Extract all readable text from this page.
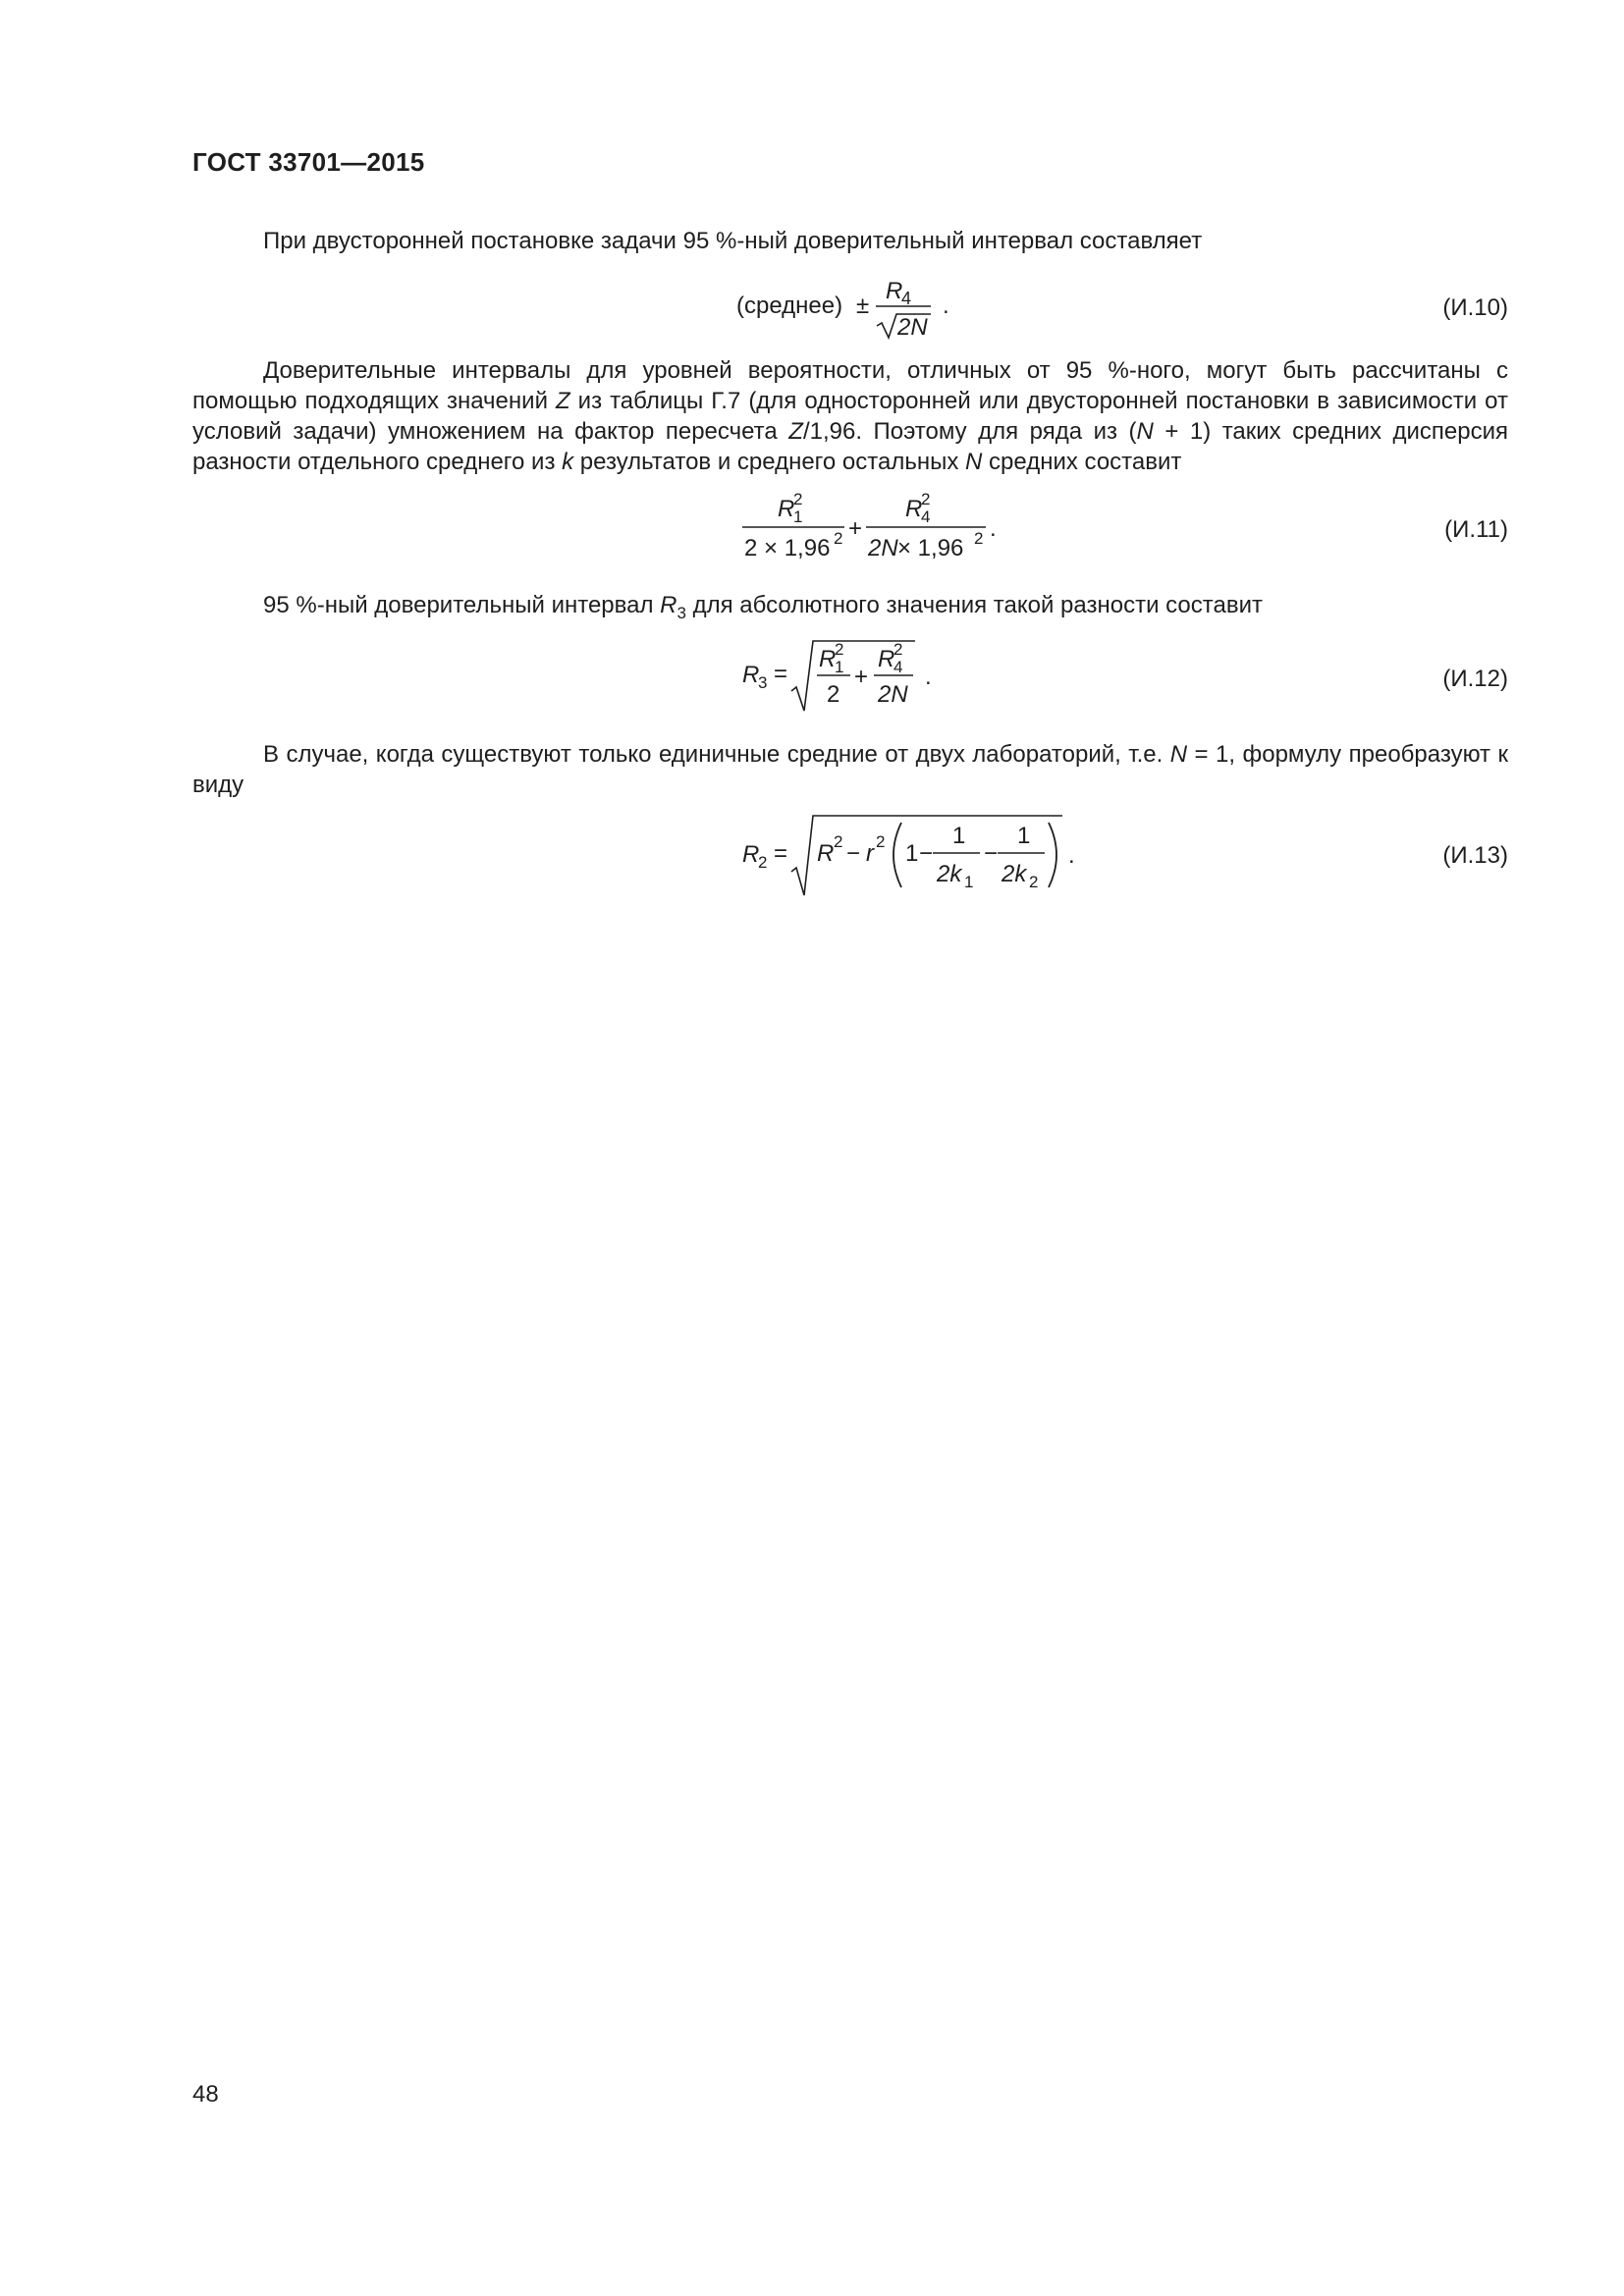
ГОСТ 33701—2015
При двусторонней постановке задачи 95 %-ный доверительный интервал составляет
(среднее) ±
R
4
2N
.	(И.10)
Доверительные интервалы для уровней вероятности, отличных от 95 %-ного, могут быть рассчитаны с помощью подходящих значений Z из таблицы Г.7 (для односторонней или двусторонней постановки в зависимости от условий задачи) умножением на фактор пересчета Z/1,96. Поэтому для ряда из (N + 1) таких средних дисперсия разности отдельного среднего из k результатов и среднего остальных N средних составит
R
1
2
2 × 1,96 2 +
R
4
2
2N × 1,96 2 .	(И.11)
95 %-ный доверительный интервал $R_3$ для абсолютного значения такой разности составит
R
3 =
R
1
2
2
+
R
4
2
2N
.	(И.12)
В случае, когда существуют только единичные средние от двух лабораторий, т.е. N = 1, формулу преобразуют к виду
R
2 = R 2 − r 2 1 −
1
2k 1
−
1
2k 2
.	(И.13)
48
